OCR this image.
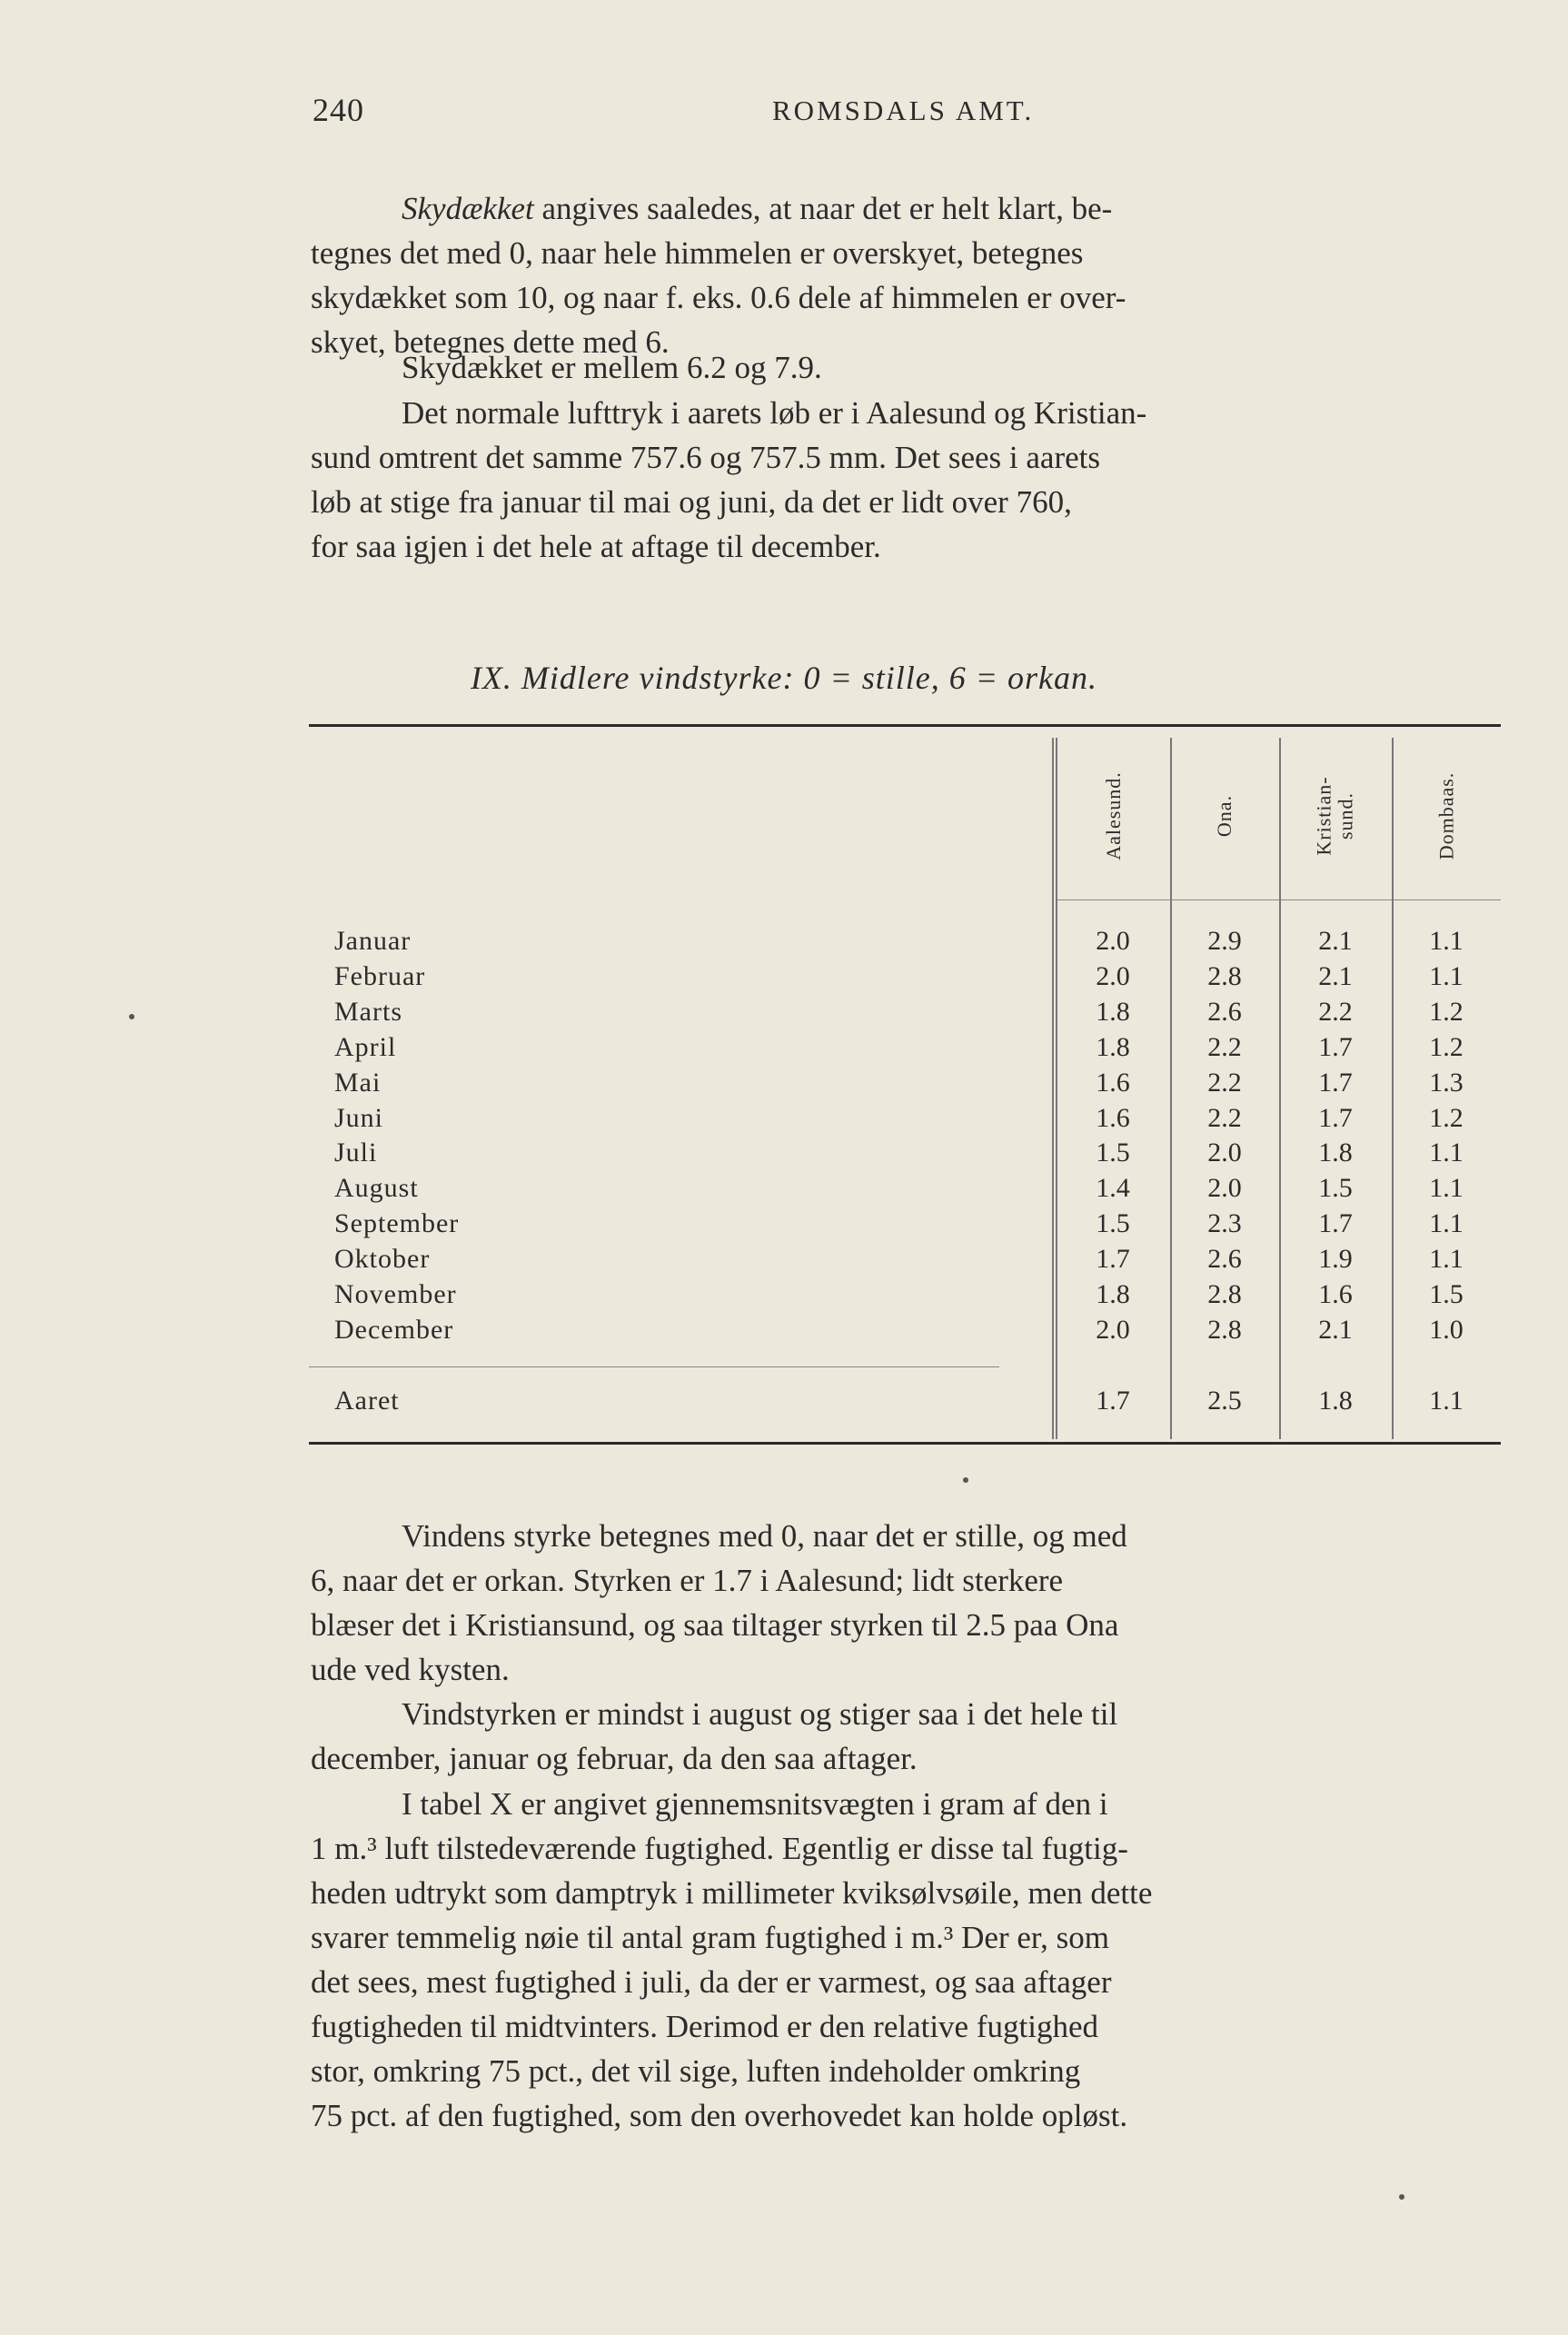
240	ROMSDALS AMT.
Skydækket angives saaledes, at naar det er helt klart, be-
tegnes det med 0, naar hele himmelen er overskyet, betegnes
skydækket som 10, og naar f. eks. 0.6 dele af himmelen er over-
skyet, betegnes dette med 6.
Skydækket er mellem 6.2 og 7.9.
Det normale lufttryk i aarets løb er i Aalesund og Kristian-
sund omtrent det samme 757.6 og 757.5 mm. Det sees i aarets
løb at stige fra januar til mai og juni, da det er lidt over 760,
for saa igjen i det hele at aftage til december.
IX. Midlere vindstyrke: 0 = stille, 6 = orkan.
Aalesund.	Ona.	Kristian-
sund.	Dombaas.
Januar	2.0	2.9	2.1	1.1
Februar	2.0	2.8	2.1	1.1
Marts	1.8	2.6	2.2	1.2
April	1.8	2.2	1.7	1.2
Mai	1.6	2.2	1.7	1.3
Juni	1.6	2.2	1.7	1.2
Juli	1.5	2.0	1.8	1.1
August	1.4	2.0	1.5	1.1
September	1.5	2.3	1.7	1.1
Oktober	1.7	2.6	1.9	1.1
November	1.8	2.8	1.6	1.5
December	2.0	2.8	2.1	1.0
Aaret	1.7	2.5	1.8	1.1
Vindens styrke betegnes med 0, naar det er stille, og med
6, naar det er orkan. Styrken er 1.7 i Aalesund; lidt sterkere
blæser det i Kristiansund, og saa tiltager styrken til 2.5 paa Ona
ude ved kysten.
Vindstyrken er mindst i august og stiger saa i det hele til
december, januar og februar, da den saa aftager.
I tabel X er angivet gjennemsnitsvægten i gram af den i
1 m.³ luft tilstedeværende fugtighed. Egentlig er disse tal fugtig-
heden udtrykt som damptryk i millimeter kviksølvsøile, men dette
svarer temmelig nøie til antal gram fugtighed i m.³ Der er, som
det sees, mest fugtighed i juli, da der er varmest, og saa aftager
fugtigheden til midtvinters. Derimod er den relative fugtighed
stor, omkring 75 pct., det vil sige, luften indeholder omkring
75 pct. af den fugtighed, som den overhovedet kan holde opløst.
